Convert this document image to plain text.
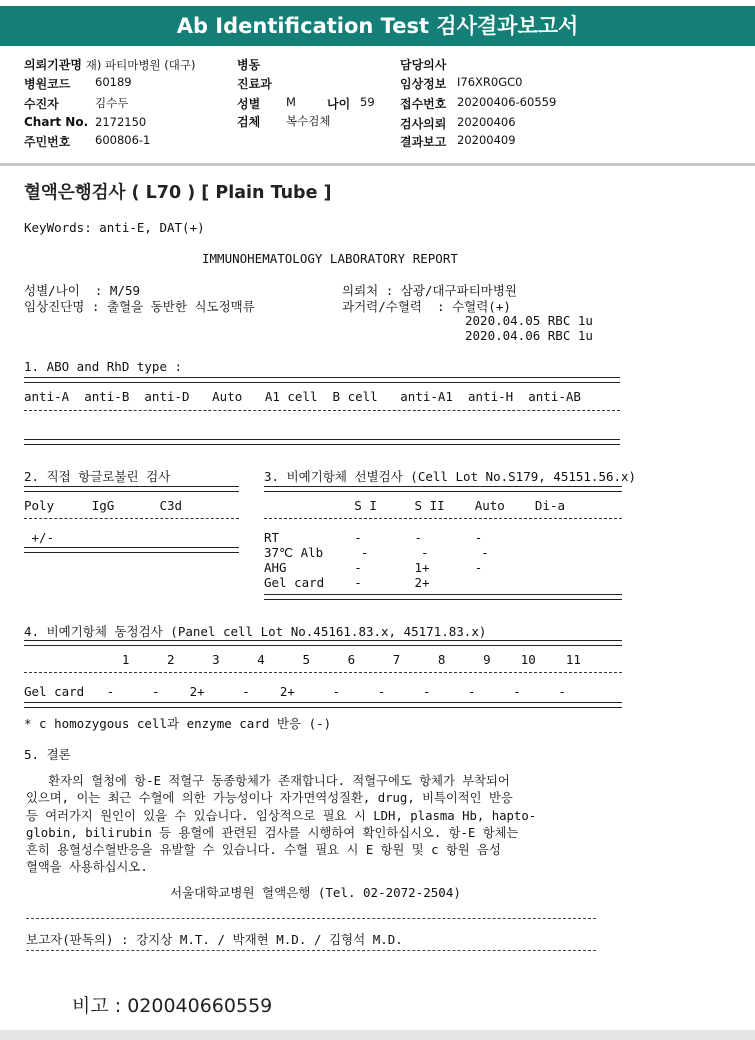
Ab Identification Test 검사결과보고서
의뢰기관명 재) 파티마병원 (대구)
병원코드 60189
수진자	김수두
Chart No. 2172150
주민번호 600806-1
병동
진료과
성별 M	나이 59
검체 복수검체
담당의사
임상정보 I76XR0GC0
접수번호 20200406-60559
검사의뢰 20200406
결과보고 20200409
혈액은행검사 ( L70 ) [ Plain Tube ]
KeyWords: anti-E, DAT(+)
IMMUNOHEMATOLOGY LABORATORY REPORT
성별/나이  : M/59
임상진단명 : 출혈을 동반한 식도정맥류
의뢰처 : 삼광/대구파티마병원
과거력/수혈력  : 수혈력(+)
2020.04.05 RBC 1u
2020.04.06 RBC 1u
1. ABO and RhD type :
anti-A  anti-B  anti-D   Auto   A1 cell  B cell   anti-A1  anti-H  anti-AB
2. 직접 항글로불린 검사
Poly     IgG      C3d
+/-
3. 비예기항체 선별검사 (Cell Lot No.S179, 45151.56.x)
S I     S II    Auto    Di-a
RT          -       -       -
37℃ Alb     -       -       -
AHG         -       1+      -
Gel card    -       2+
4. 비예기항체 동정검사 (Panel cell Lot No.45161.83.x, 45171.83.x)
1     2     3     4     5     6     7     8     9    10    11
Gel card   -     -    2+     -    2+     -     -     -     -     -     -
* c homozygous cell과 enzyme card 반응 (-)
5. 결론
환자의 혈청에 항-E 적혈구 동종항체가 존재합니다. 적혈구에도 항체가 부착되어
있으며, 이는 최근 수혈에 의한 가능성이나 자가면역성질환, drug, 비특이적인 반응
등 여러가지 원인이 있을 수 있습니다. 임상적으로 필요 시 LDH, plasma Hb, hapto-
globin, bilirubin 등 용혈에 관련된 검사를 시행하여 확인하십시오. 항-E 항체는
흔히 용혈성수혈반응을 유발할 수 있습니다. 수혈 필요 시 E 항원 및 c 항원 음성
혈액을 사용하십시오.
서울대학교병원 혈액은행 (Tel. 02-2072-2504)
보고자(판독의) : 강지상 M.T. / 박재현 M.D. / 김형석 M.D.
비고 : 020040660559
